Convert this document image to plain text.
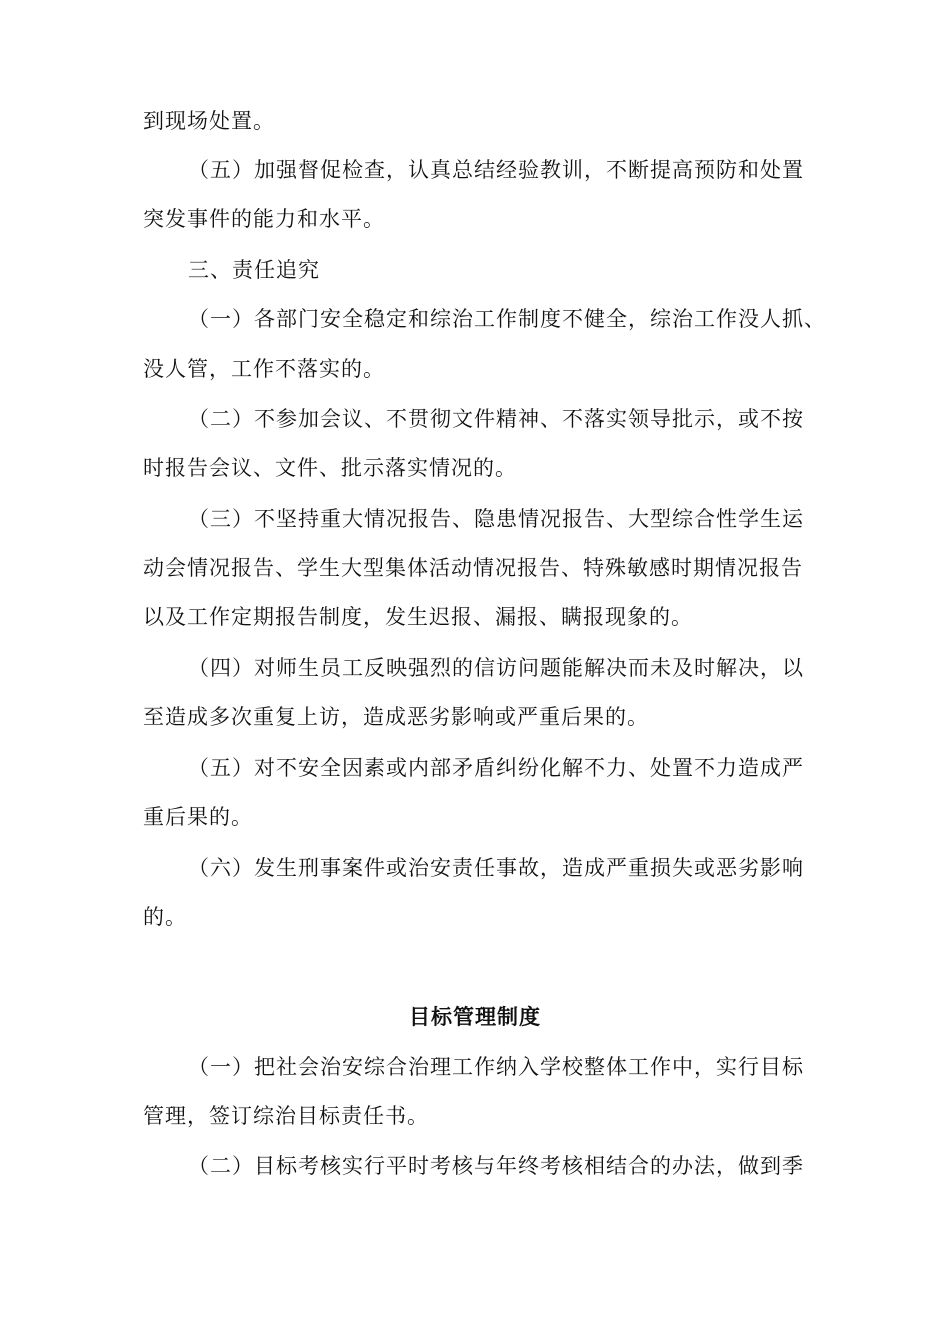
到现场处置。
（五）加强督促检查，认真总结经验教训，不断提高预防和处置
突发事件的能力和水平。
三、责任追究
（一）各部门安全稳定和综治工作制度不健全，综治工作没人抓、
没人管，工作不落实的。
（二）不参加会议、不贯彻文件精神、不落实领导批示，或不按
时报告会议、文件、批示落实情况的。
（三）不坚持重大情况报告、隐患情况报告、大型综合性学生运
动会情况报告、学生大型集体活动情况报告、特殊敏感时期情况报告
以及工作定期报告制度，发生迟报、漏报、瞒报现象的。
（四）对师生员工反映强烈的信访问题能解决而未及时解决，以
至造成多次重复上访，造成恶劣影响或严重后果的。
（五）对不安全因素或内部矛盾纠纷化解不力、处置不力造成严
重后果的。
（六）发生刑事案件或治安责任事故，造成严重损失或恶劣影响
的。
目标管理制度
（一）把社会治安综合治理工作纳入学校整体工作中，实行目标
管理，签订综治目标责任书。
（二）目标考核实行平时考核与年终考核相结合的办法，做到季
